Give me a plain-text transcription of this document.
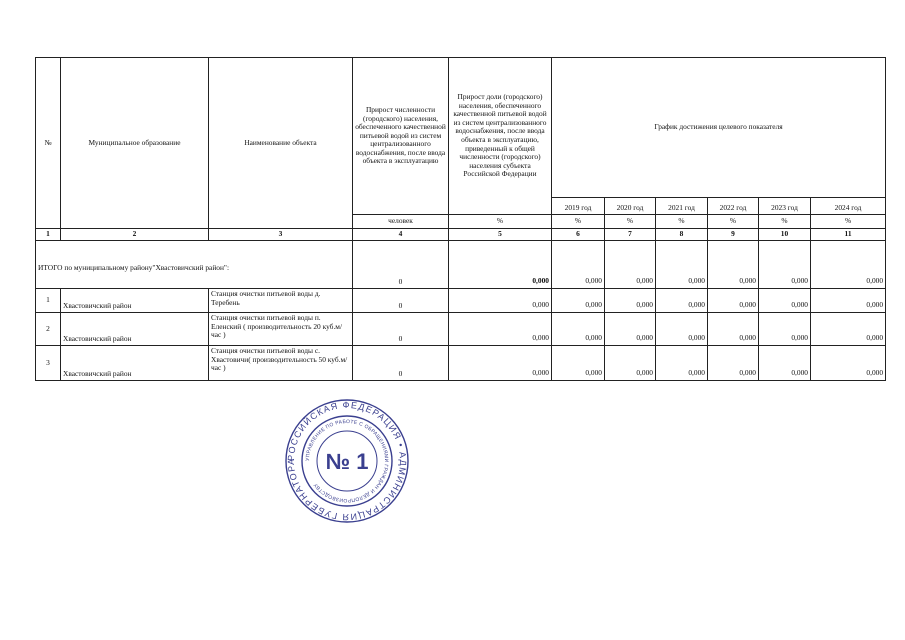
№	Муниципальное образование	Наименование объекта	Прирост численности (городского) населения, обеспеченного качественной питьевой водой из систем централизованного водоснабжения, после ввода объекта в эксплуатацию	Прирост доли (городского) населения, обеспеченного качественной питьевой водой из систем централизованного водоснабжения, после ввода объекта в эксплуатацию, приведенный к общей численности (городского) населения субъекта Российской Федерации	График достижения целевого показателя					
					2019 год	2020 год	2021 год	2022 год	2023 год	2024 год
			человек	%	%	%	%	%	%	%
1	2	3	4	5	6	7	8	9	10	11
ИТОГО по муниципальному району"Хвастовичский район":			0	0,000	0,000	0,000	0,000	0,000	0,000	0,000
1	Хвастовичский район	Станция очистки питьевой воды д. Теребень	0	0,000	0,000	0,000	0,000	0,000	0,000	0,000
2	Хвастовичский район	Станция очистки питьевой воды п. Еленский ( производительность 20 куб.м/час )	0	0,000	0,000	0,000	0,000	0,000	0,000	0,000
3	Хвастовичский район	Станция очистки питьевой воды с. Хвастовичи( производительность 50 куб.м/час )	0	0,000	0,000	0,000	0,000	0,000	0,000	0,000
РОССИЙСКАЯ ФЕДЕРАЦИЯ • АДМИНИСТРАЦИЯ ГУБЕРНАТОРА	УПРАВЛЕНИЕ ПО РАБОТЕ С ОБРАЩЕНИЯМИ ГРАЖДАН И ДЕЛОПРОИЗВОДСТВУ
№ 1
